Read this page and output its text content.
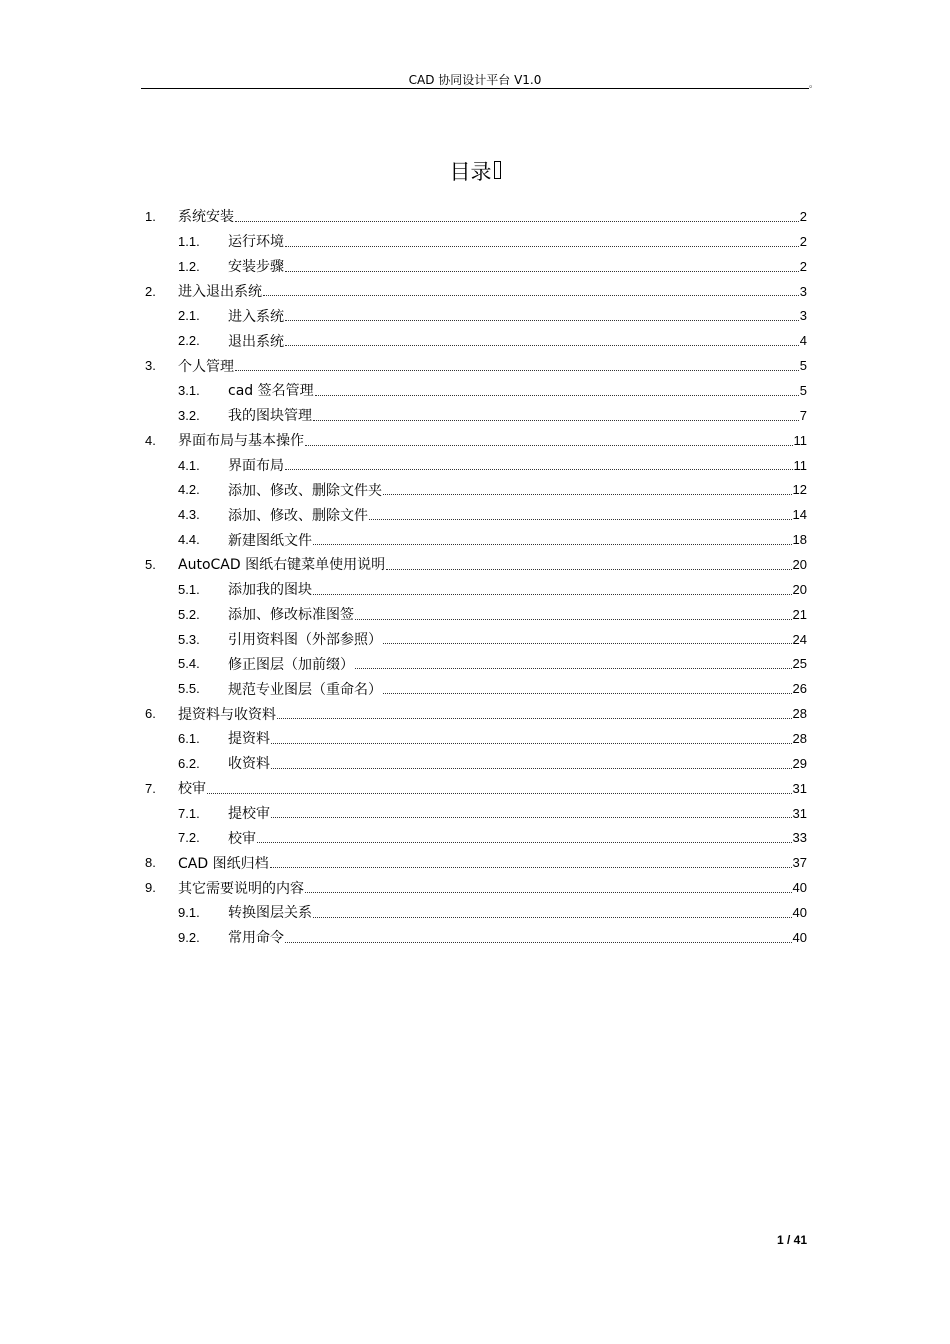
CAD 协同设计平台 V1.0	。
目录
1.	系统安装	2
1.1.	运行环境	2
1.2.	安装步骤	2
2.	进入退出系统	3
2.1.	进入系统	3
2.2.	退出系统	4
3.	个人管理	5
3.1.	cad 签名管理	5
3.2.	我的图块管理	7
4.	界面布局与基本操作	11
4.1.	界面布局	11
4.2.	添加、修改、删除文件夹	12
4.3.	添加、修改、删除文件	14
4.4.	新建图纸文件	18
5.	AutoCAD 图纸右键菜单使用说明	20
5.1.	添加我的图块	20
5.2.	添加、修改标准图签	21
5.3.	引用资料图（外部参照）	24
5.4.	修正图层（加前缀）	25
5.5.	规范专业图层（重命名）	26
6.	提资料与收资料	28
6.1.	提资料	28
6.2.	收资料	29
7.	校审	31
7.1.	提校审	31
7.2.	校审	33
8.	CAD 图纸归档	37
9.	其它需要说明的内容	40
9.1.	转换图层关系	40
9.2.	常用命令	40
1 / 41
